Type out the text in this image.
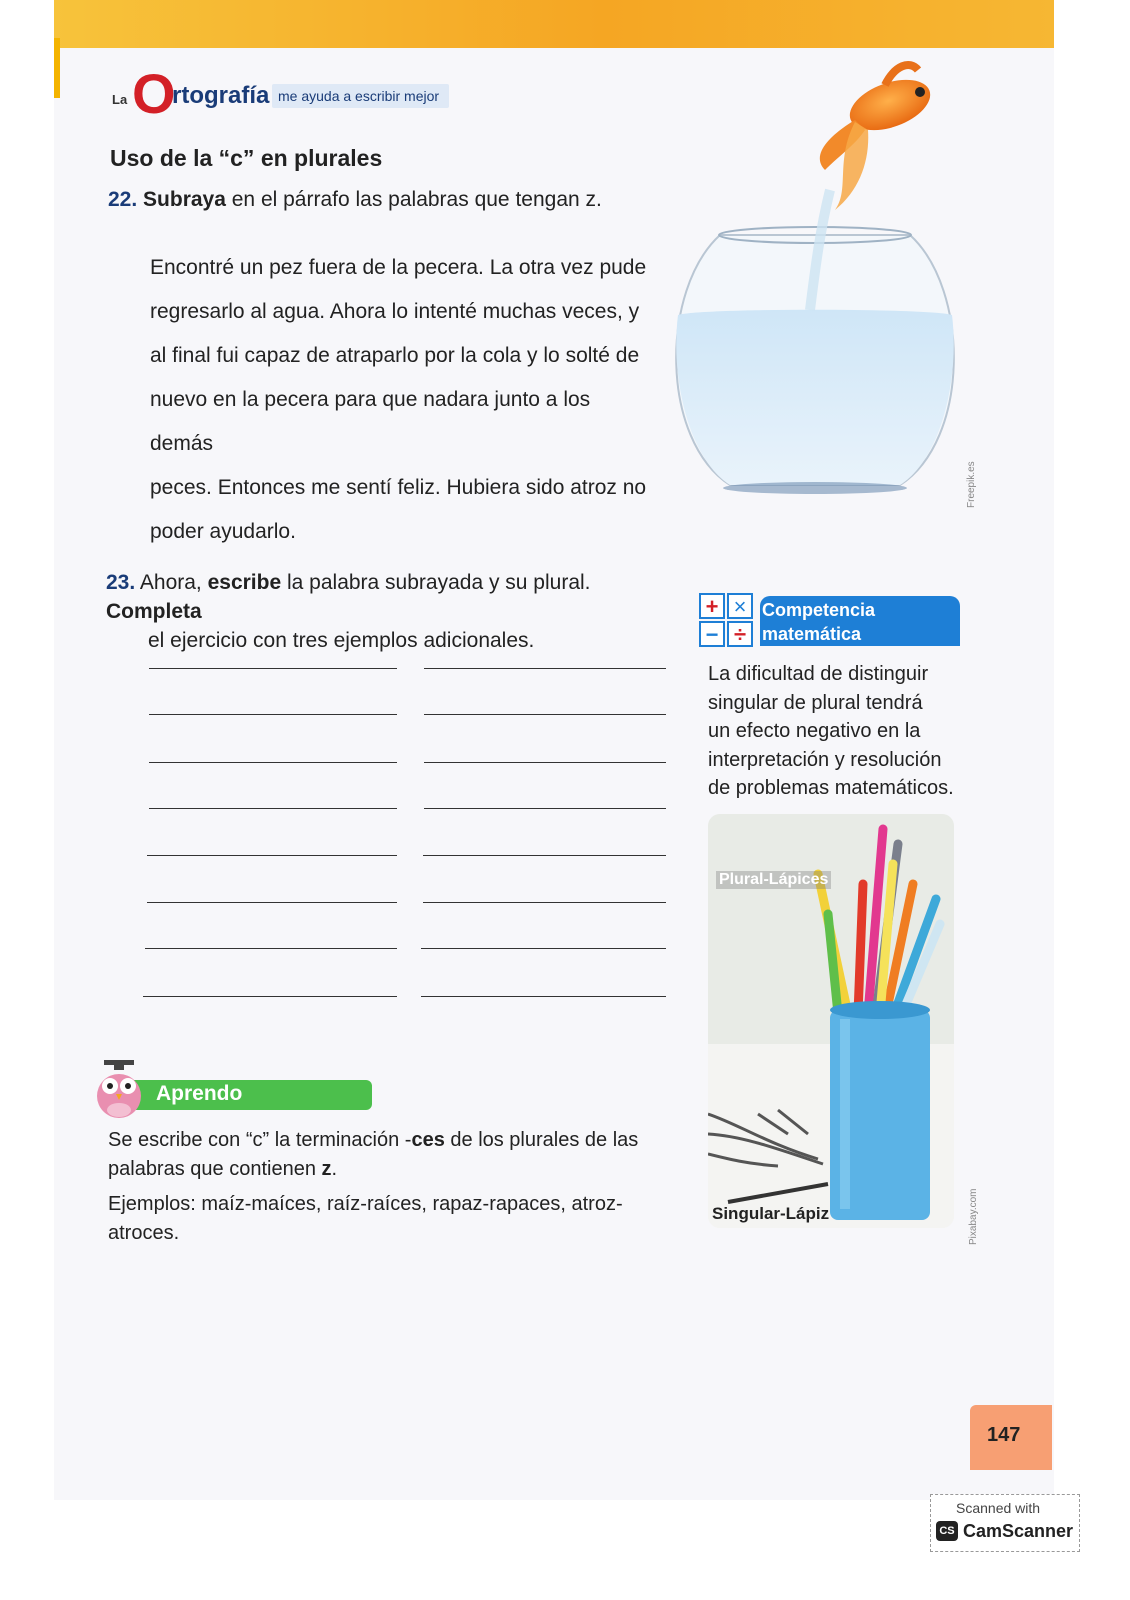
La O
rtografía me ayuda a escribir mejor
Uso de la “c” en plurales
22. Subraya en el párrafo las palabras que tengan z.
Encontré un pez fuera de la pecera. La otra vez pude
regresarlo al agua. Ahora lo intenté muchas veces, y
al final fui capaz de atraparlo por la cola y lo solté de
nuevo en la pecera para que nadara junto a los demás
peces. Entonces me sentí feliz. Hubiera sido atroz no
poder ayudarlo.
Freepik.es
23. Ahora, escribe la palabra subrayada y su plural. Completa
el ejercicio con tres ejemplos adicionales.
+ ×
− ÷
Competencia
matemática
La dificultad de distinguir
singular de plural tendrá
un efecto negativo en la
interpretación y resolución
de problemas matemáticos.
Plural-Lápices
Singular-Lápiz	Pixabay.com
Aprendo
Se escribe con “c” la terminación -ces de los plurales de las
palabras que contienen z.
Ejemplos: maíz-maíces, raíz-raíces, rapaz-rapaces, atroz-
atroces.
147
Scanned with
CS CamScanner
